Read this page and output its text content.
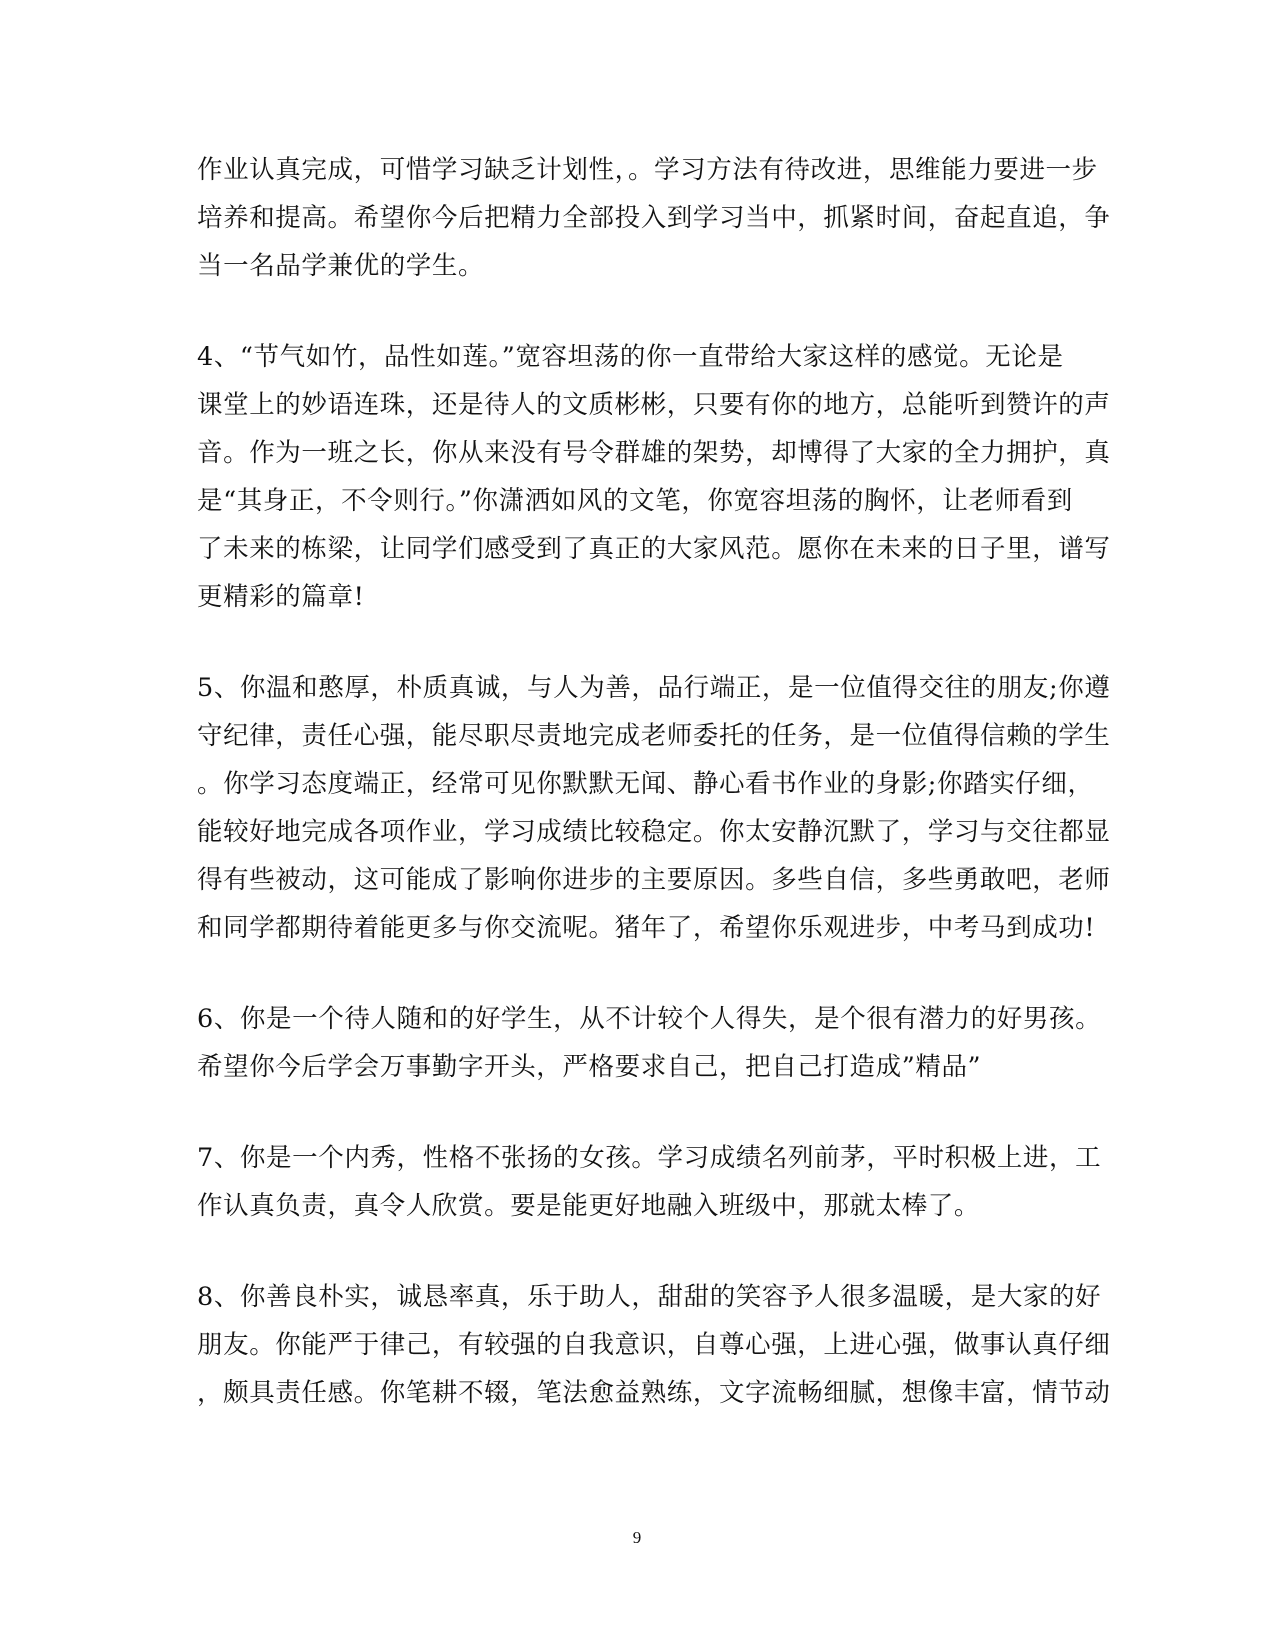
作业认真完成，可惜学习缺乏计划性，。学习方法有待改进，思维能力要进一步
培养和提高。希望你今后把精力全部投入到学习当中，抓紧时间，奋起直追，争
当一名品学兼优的学生。
4、“节气如竹，品性如莲。”宽容坦荡的你一直带给大家这样的感觉。无论是
课堂上的妙语连珠，还是待人的文质彬彬，只要有你的地方，总能听到赞许的声
音。作为一班之长，你从来没有号令群雄的架势，却博得了大家的全力拥护，真
是“其身正，不令则行。”你潇洒如风的文笔，你宽容坦荡的胸怀，让老师看到
了未来的栋梁，让同学们感受到了真正的大家风范。愿你在未来的日子里，谱写
更精彩的篇章!
5、你温和憨厚，朴质真诚，与人为善，品行端正，是一位值得交往的朋友;你遵
守纪律，责任心强，能尽职尽责地完成老师委托的任务，是一位值得信赖的学生
。你学习态度端正，经常可见你默默无闻、静心看书作业的身影;你踏实仔细，
能较好地完成各项作业，学习成绩比较稳定。你太安静沉默了，学习与交往都显
得有些被动，这可能成了影响你进步的主要原因。多些自信，多些勇敢吧，老师
和同学都期待着能更多与你交流呢。猪年了，希望你乐观进步，中考马到成功!
6、你是一个待人随和的好学生，从不计较个人得失，是个很有潜力的好男孩。
希望你今后学会万事勤字开头，严格要求自己，把自己打造成”精品”
7、你是一个内秀，性格不张扬的女孩。学习成绩名列前茅，平时积极上进，工
作认真负责，真令人欣赏。要是能更好地融入班级中，那就太棒了。
8、你善良朴实，诚恳率真，乐于助人，甜甜的笑容予人很多温暖，是大家的好
朋友。你能严于律己，有较强的自我意识，自尊心强，上进心强，做事认真仔细
，颇具责任感。你笔耕不辍，笔法愈益熟练，文字流畅细腻，想像丰富，情节动
9
